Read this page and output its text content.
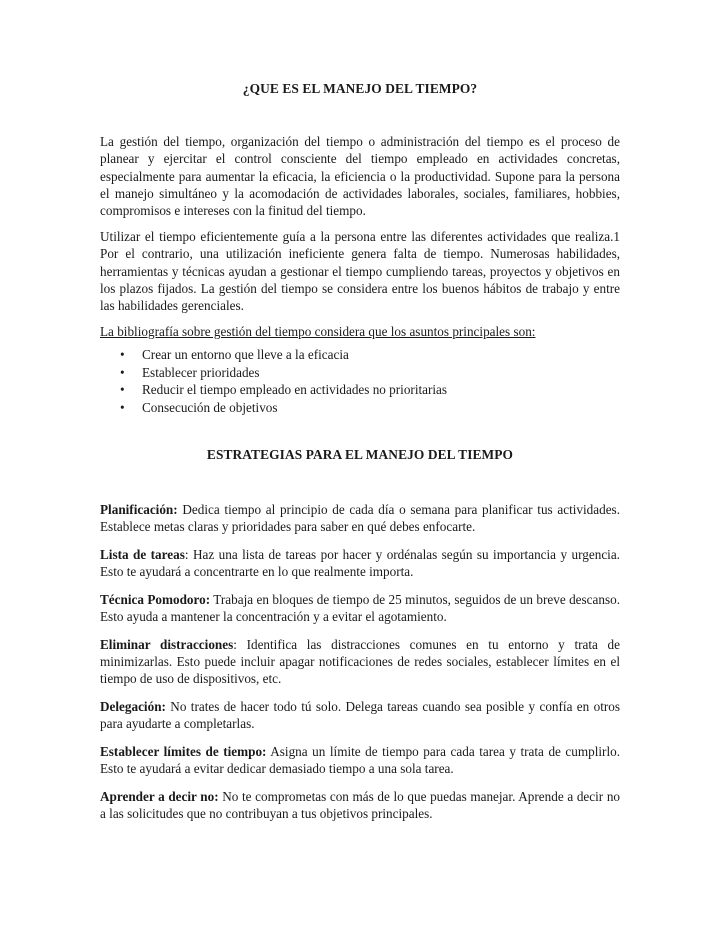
¿QUE ES EL MANEJO DEL TIEMPO?

La gestión del tiempo, organización del tiempo o administración del tiempo es el proceso de planear y ejercitar el control consciente del tiempo empleado en actividades concretas, especialmente para aumentar la eficacia, la eficiencia o la productividad. Supone para la persona el manejo simultáneo y la acomodación de actividades laborales, sociales, familiares, hobbies, compromisos e intereses con la finitud del tiempo.

Utilizar el tiempo eficientemente guía a la persona entre las diferentes actividades que realiza.1 Por el contrario, una utilización ineficiente genera falta de tiempo. Numerosas habilidades, herramientas y técnicas ayudan a gestionar el tiempo cumpliendo tareas, proyectos y objetivos en los plazos fijados. La gestión del tiempo se considera entre los buenos hábitos de trabajo y entre las habilidades gerenciales.

La bibliografía sobre gestión del tiempo considera que los asuntos principales son:

• Crear un entorno que lleve a la eficacia
• Establecer prioridades
• Reducir el tiempo empleado en actividades no prioritarias
• Consecución de objetivos
ESTRATEGIAS PARA EL MANEJO DEL TIEMPO

Planificación: Dedica tiempo al principio de cada día o semana para planificar tus actividades. Establece metas claras y prioridades para saber en qué debes enfocarte.

Lista de tareas: Haz una lista de tareas por hacer y ordénalas según su importancia y urgencia. Esto te ayudará a concentrarte en lo que realmente importa.

Técnica Pomodoro: Trabaja en bloques de tiempo de 25 minutos, seguidos de un breve descanso. Esto ayuda a mantener la concentración y a evitar el agotamiento.

Eliminar distracciones: Identifica las distracciones comunes en tu entorno y trata de minimizarlas. Esto puede incluir apagar notificaciones de redes sociales, establecer límites en el tiempo de uso de dispositivos, etc.

Delegación: No trates de hacer todo tú solo. Delega tareas cuando sea posible y confía en otros para ayudarte a completarlas.

Establecer límites de tiempo: Asigna un límite de tiempo para cada tarea y trata de cumplirlo. Esto te ayudará a evitar dedicar demasiado tiempo a una sola tarea.

Aprender a decir no: No te comprometas con más de lo que puedas manejar. Aprende a decir no a las solicitudes que no contribuyan a tus objetivos principales.
